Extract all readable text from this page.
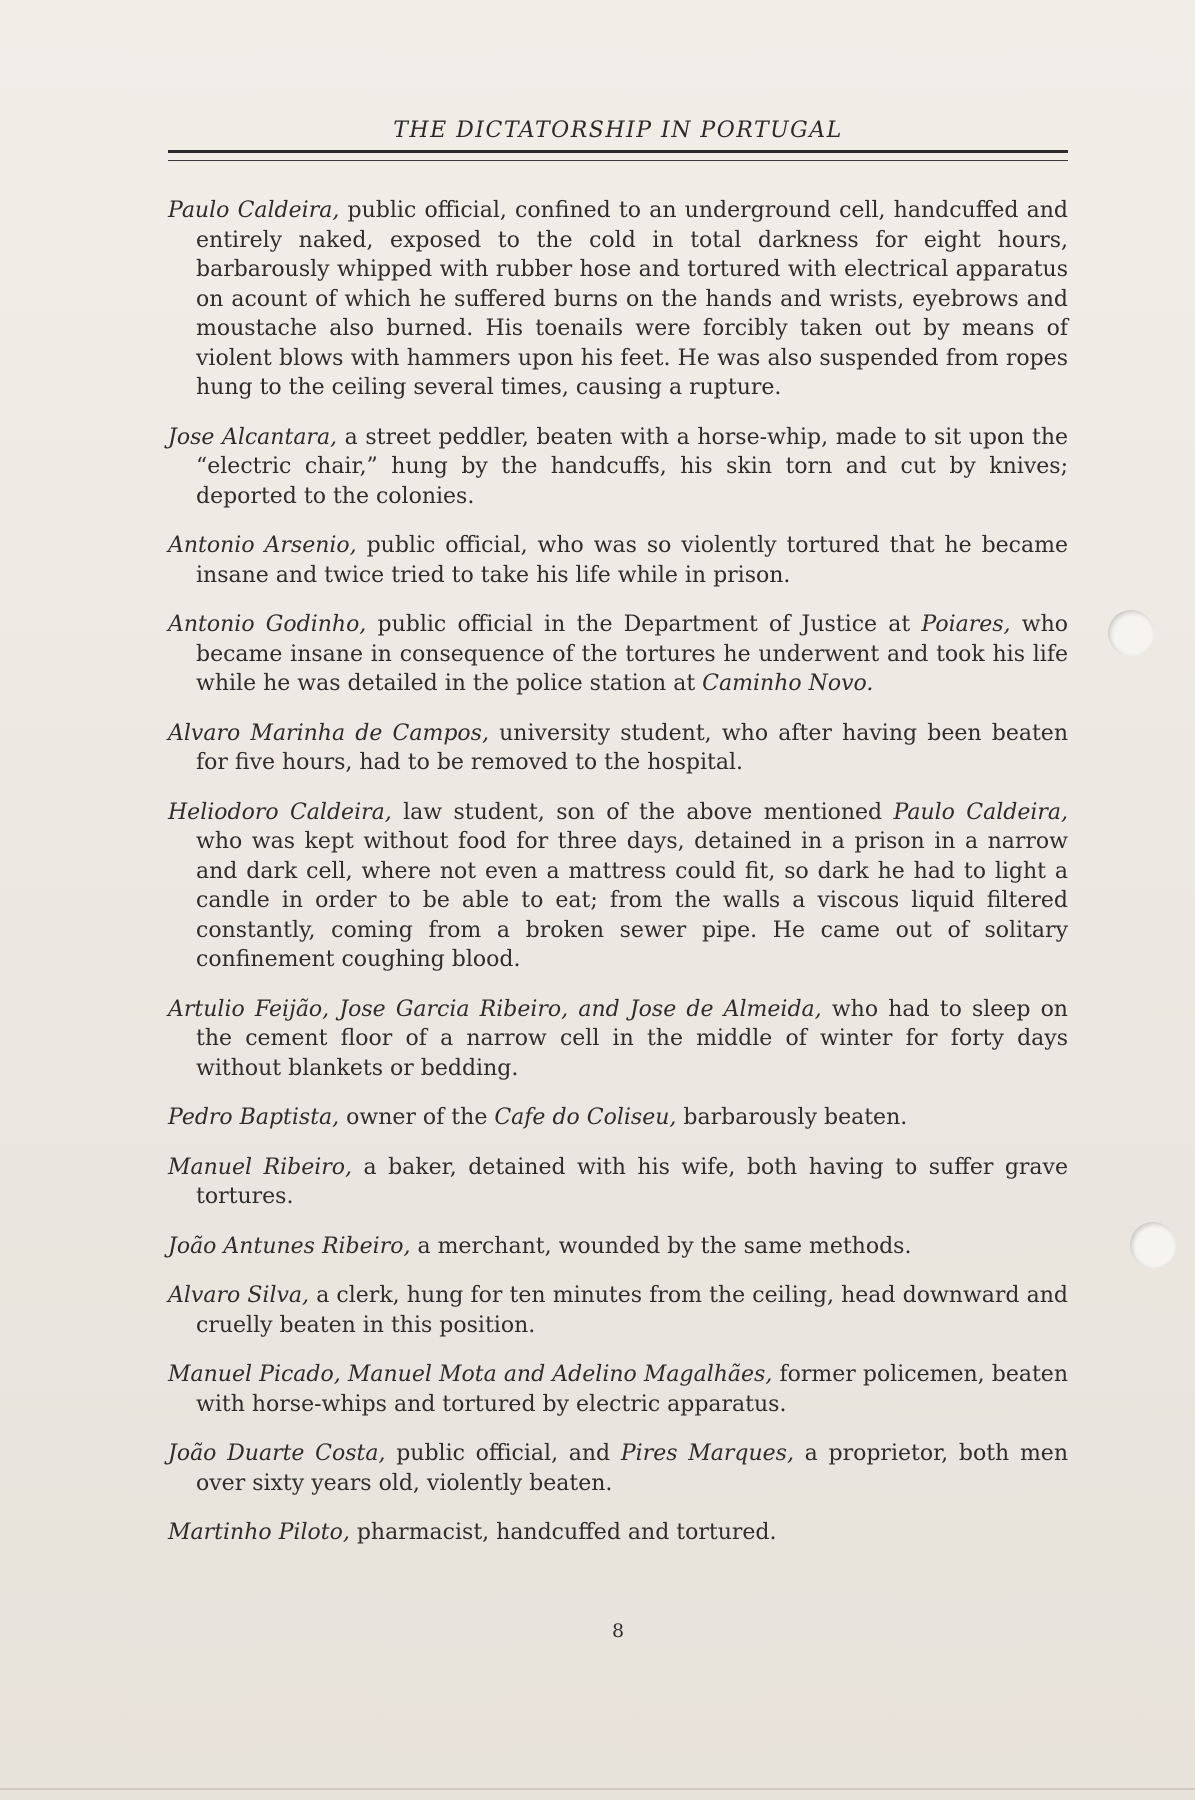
THE DICTATORSHIP IN PORTUGAL

Paulo Caldeira, public official, confined to an underground cell, handcuffed and entirely naked, exposed to the cold in total darkness for eight hours, barbarously whipped with rubber hose and tortured with electrical apparatus on acount of which he suffered burns on the hands and wrists, eyebrows and moustache also burned. His toenails were forcibly taken out by means of violent blows with hammers upon his feet. He was also suspended from ropes hung to the ceiling several times, causing a rupture.

Jose Alcantara, a street peddler, beaten with a horse-whip, made to sit upon the “electric chair,” hung by the handcuffs, his skin torn and cut by knives; deported to the colonies.

Antonio Arsenio, public official, who was so violently tortured that he became insane and twice tried to take his life while in prison.

Antonio Godinho, public official in the Department of Justice at Poiares, who became insane in consequence of the tortures he underwent and took his life while he was detailed in the police station at Caminho Novo.

Alvaro Marinha de Campos, university student, who after having been beaten for five hours, had to be removed to the hospital.

Heliodoro Caldeira, law student, son of the above mentioned Paulo Caldeira, who was kept without food for three days, detained in a prison in a narrow and dark cell, where not even a mattress could fit, so dark he had to light a candle in order to be able to eat; from the walls a viscous liquid filtered constantly, coming from a broken sewer pipe. He came out of solitary confinement coughing blood.

Artulio Feijão, Jose Garcia Ribeiro, and Jose de Almeida, who had to sleep on the cement floor of a narrow cell in the middle of winter for forty days without blankets or bedding.

Pedro Baptista, owner of the Cafe do Coliseu, barbarously beaten.

Manuel Ribeiro, a baker, detained with his wife, both having to suffer grave tortures.

João Antunes Ribeiro, a merchant, wounded by the same methods.

Alvaro Silva, a clerk, hung for ten minutes from the ceiling, head downward and cruelly beaten in this position.

Manuel Picado, Manuel Mota and Adelino Magalhães, former policemen, beaten with horse-whips and tortured by electric apparatus.

João Duarte Costa, public official, and Pires Marques, a proprietor, both men over sixty years old, violently beaten.

Martinho Piloto, pharmacist, handcuffed and tortured.

8
